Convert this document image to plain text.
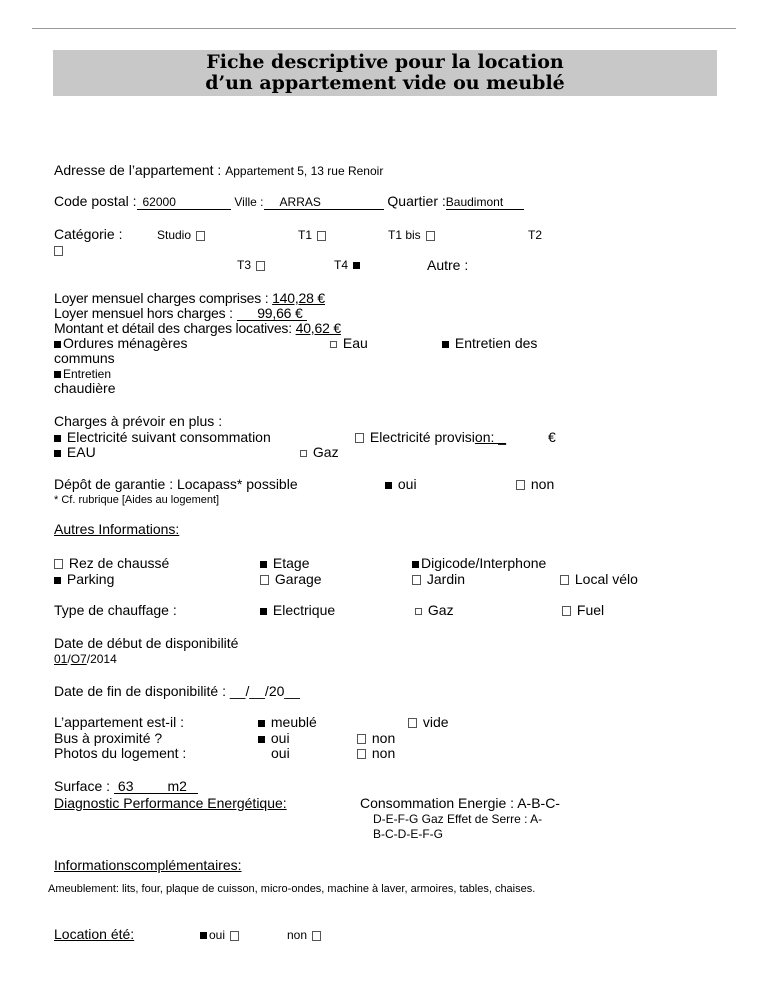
Fiche descriptive pour la location
d’un appartement vide ou meublé
Adresse de l’appartement : Appartement 5, 13 rue Renoir
Code postal : 62000	Ville : ARRAS	Quartier :Baudimont
Catégorie :	Studio	T1	T1 bis	T2
T3	T4	Autre :
Loyer mensuel charges comprises : 140,28 €
Loyer mensuel hors charges : 99,66 €
Montant et détail des charges locatives: 40,62 €
Ordures ménagères	Eau	Entretien des
communs
Entretien
chaudière
Charges à prévoir en plus :
Electricité suivant consommation	Electricité provision: _	€
EAU	Gaz
Dépôt de garantie : Locapass* possible	oui	non
* Cf. rubrique [Aides au logement]
Autres Informations:
Rez de chaussé	Etage	Digicode/Interphone
Parking	Garage	Jardin	Local vélo
Type de chauffage :	Electrique	Gaz	Fuel
Date de début de disponibilité
01/O7/2014
Date de fin de disponibilité : __/__/20__
L’appartement est-il :	meublé	vide
Bus à proximité ?	oui	non
Photos du logement :	oui	non
Surface : 63 m2
Diagnostic Performance Energétique:	Consommation Energie : A-B-C-
D-E-F-G Gaz Effet de Serre : A-
B-C-D-E-F-G
Informationscomplémentaires:
Ameublement: lits, four, plaque de cuisson, micro-ondes, machine à laver, armoires, tables, chaises.
Location été:	oui	non
